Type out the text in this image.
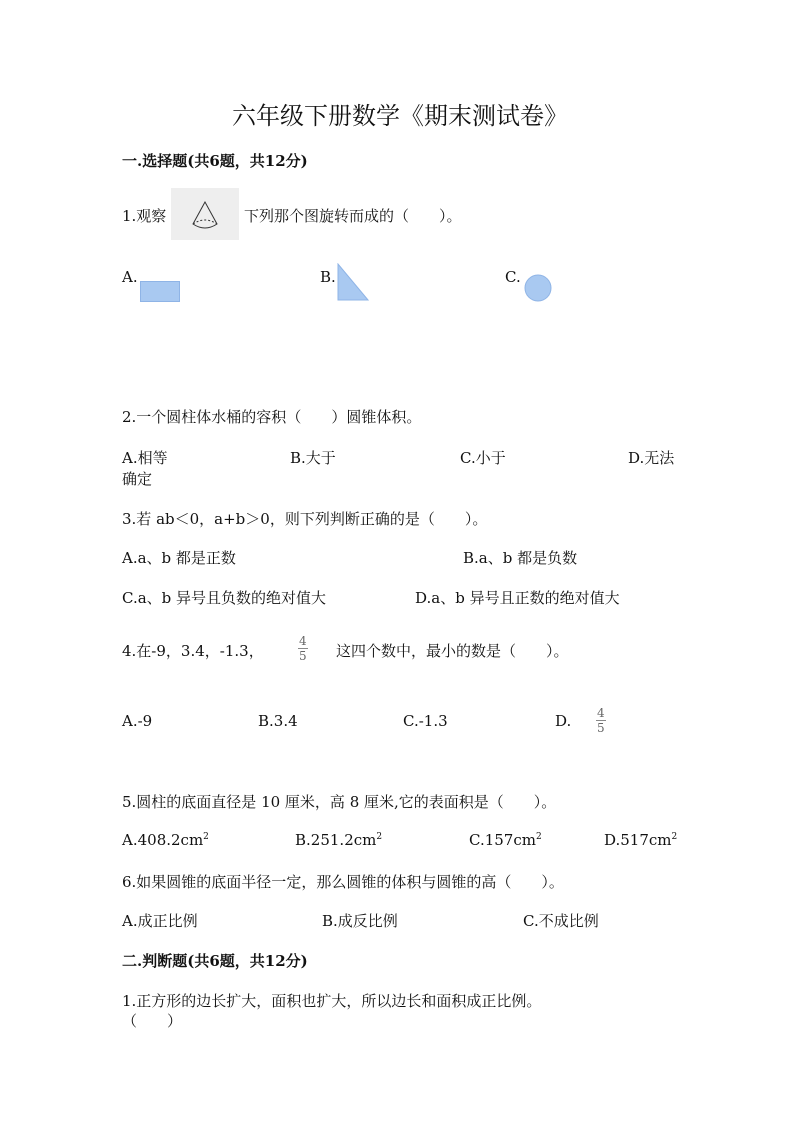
六年级下册数学《期末测试卷》
一.选择题(共6题，共12分)
1.观察	下列那个图旋转而成的（　　）。
A.	B.	C.
2.一个圆柱体水桶的容积（　　）圆锥体积。
A.相等	B.大于	C.小于	D.无法
确定
3.若 ab＜0，a+b＞0，则下列判断正确的是（　　）。
A.a、b 都是正数	B.a、b 都是负数
C.a、b 异号且负数的绝对值大	D.a、b 异号且正数的绝对值大
4.在-9，3.4，-1.3，	$\frac{4}{5}$ 这四个数中，最小的数是（　　）。
A.-9	B.3.4	C.-1.3	D. $\frac{4}{5}$
5.圆柱的底面直径是 10 厘米，高 8 厘米,它的表面积是（　　）。
$A.408.2cm^2$	$B.251.2cm^2$	$C.157cm^2$	$D.517cm^2$
6.如果圆锥的底面半径一定，那么圆锥的体积与圆锥的高（　　）。
A.成正比例	B.成反比例	C.不成比例
二.判断题(共6题，共12分)
1.正方形的边长扩大，面积也扩大，所以边长和面积成正比例。
（　　）
